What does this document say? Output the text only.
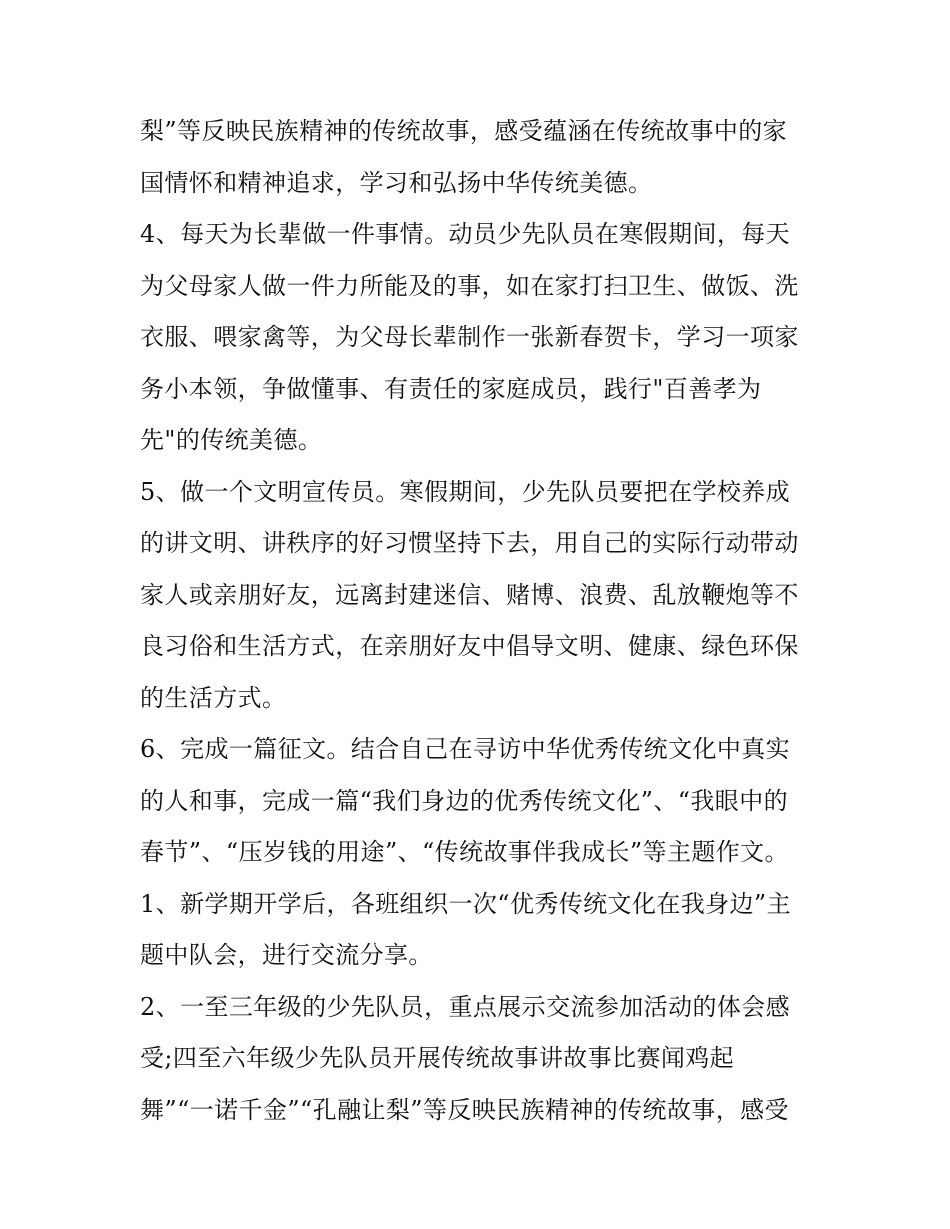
梨”等反映民族精神的传统故事，感受蕴涵在传统故事中的家
国情怀和精神追求，学习和弘扬中华传统美德。
4、每天为长辈做一件事情。动员少先队员在寒假期间，每天
为父母家人做一件力所能及的事，如在家打扫卫生、做饭、洗
衣服、喂家禽等，为父母长辈制作一张新春贺卡，学习一项家
务小本领，争做懂事、有责任的家庭成员，践行"百善孝为
先"的传统美德。
5、做一个文明宣传员。寒假期间，少先队员要把在学校养成
的讲文明、讲秩序的好习惯坚持下去，用自己的实际行动带动
家人或亲朋好友，远离封建迷信、赌博、浪费、乱放鞭炮等不
良习俗和生活方式，在亲朋好友中倡导文明、健康、绿色环保
的生活方式。
6、完成一篇征文。结合自己在寻访中华优秀传统文化中真实
的人和事，完成一篇“我们身边的优秀传统文化”、“我眼中的
春节”、“压岁钱的用途”、“传统故事伴我成长”等主题作文。
1、新学期开学后，各班组织一次“优秀传统文化在我身边”主
题中队会，进行交流分享。
2、一至三年级的少先队员，重点展示交流参加活动的体会感
受;四至六年级少先队员开展传统故事讲故事比赛闻鸡起
舞”“一诺千金”“孔融让梨”等反映民族精神的传统故事，感受
